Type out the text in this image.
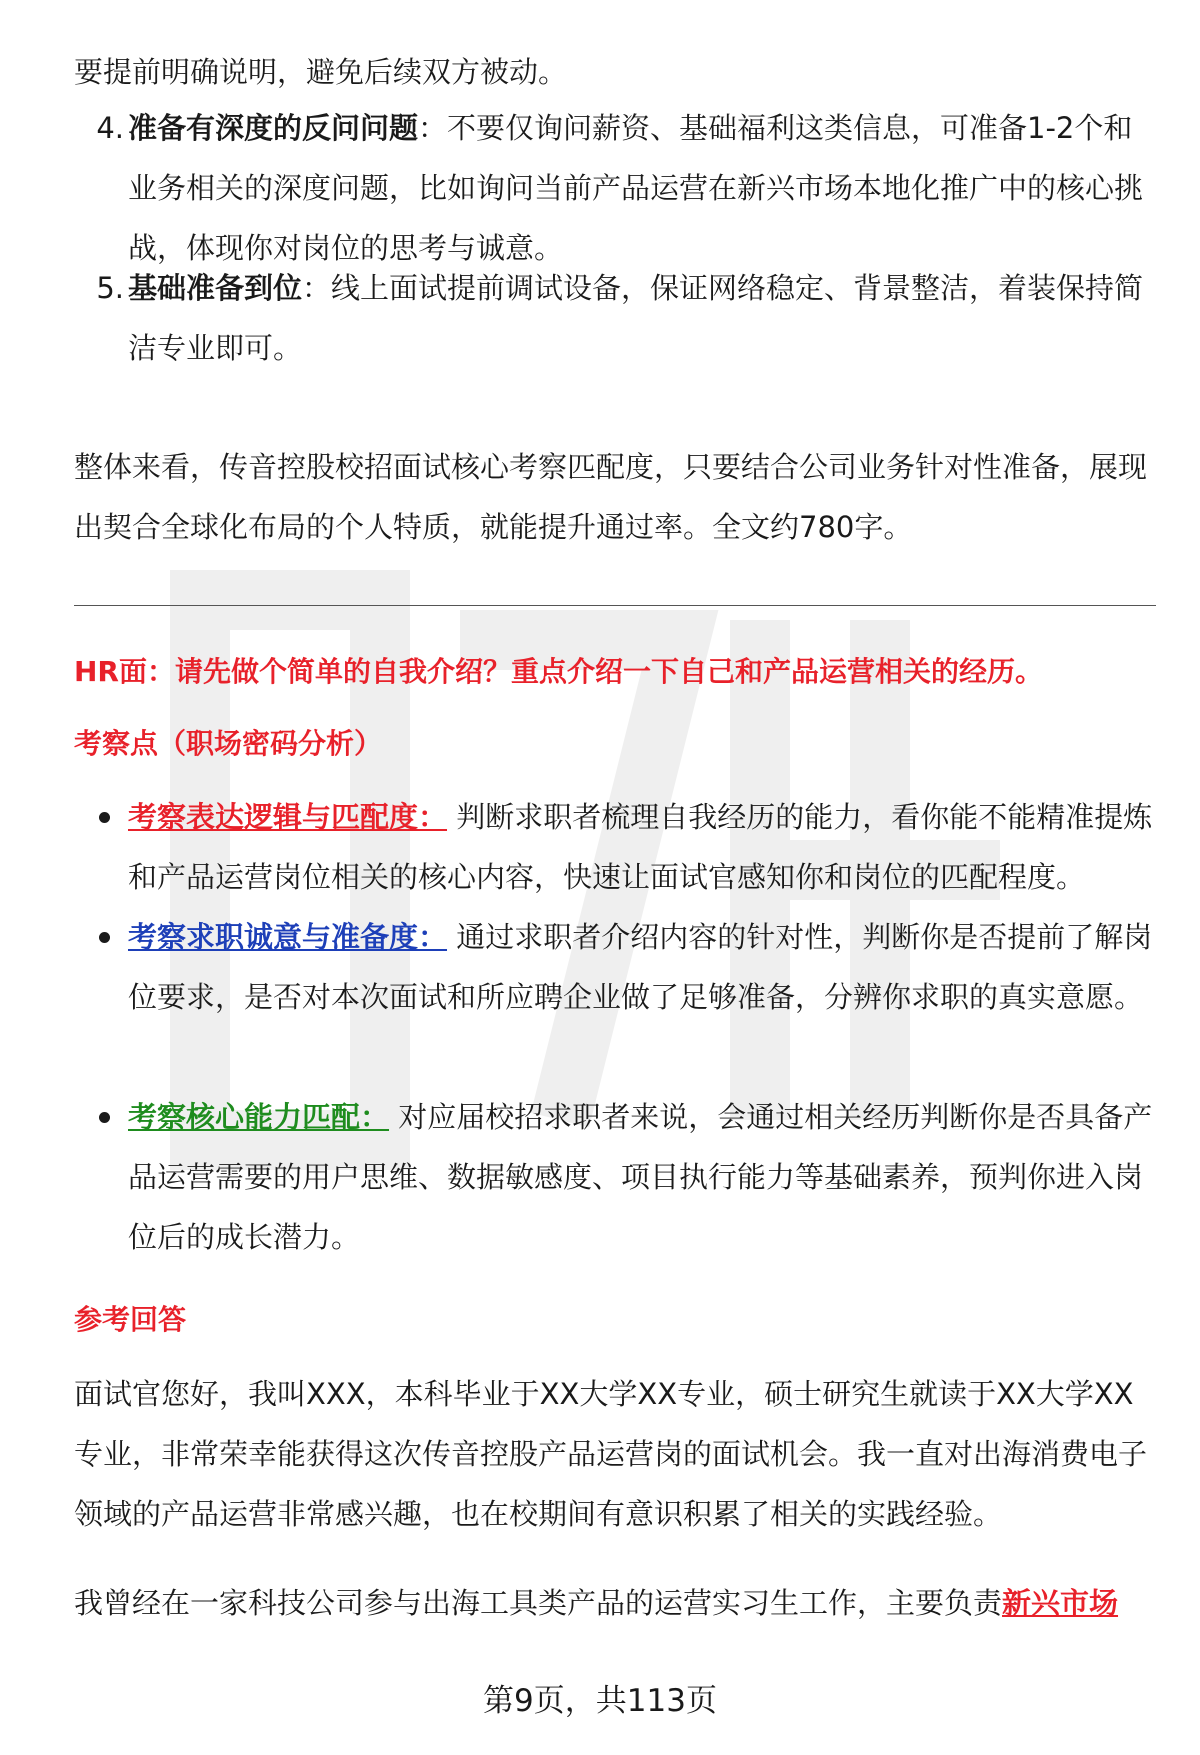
要提前明确说明，避免后续双方被动。
4. 准备有深度的反问问题：不要仅询问薪资、基础福利这类信息，可准备1-2个和业务相关的深度问题，比如询问当前产品运营在新兴市场本地化推广中的核心挑战，体现你对岗位的思考与诚意。
5. 基础准备到位：线上面试提前调试设备，保证网络稳定、背景整洁，着装保持简洁专业即可。
整体来看，传音控股校招面试核心考察匹配度，只要结合公司业务针对性准备，展现出契合全球化布局的个人特质，就能提升通过率。全文约780字。
HR面：请先做个简单的自我介绍？重点介绍一下自己和产品运营相关的经历。
考察点（职场密码分析）
考察表达逻辑与匹配度： 判断求职者梳理自我经历的能力，看你能不能精准提炼和产品运营岗位相关的核心内容，快速让面试官感知你和岗位的匹配程度。
考察求职诚意与准备度： 通过求职者介绍内容的针对性，判断你是否提前了解岗位要求，是否对本次面试和所应聘企业做了足够准备，分辨你求职的真实意愿。
考察核心能力匹配： 对应届校招求职者来说，会通过相关经历判断你是否具备产品运营需要的用户思维、数据敏感度、项目执行能力等基础素养，预判你进入岗位后的成长潜力。
参考回答
面试官您好，我叫XXX，本科毕业于XX大学XX专业，硕士研究生就读于XX大学XX专业，非常荣幸能获得这次传音控股产品运营岗的面试机会。我一直对出海消费电子领域的产品运营非常感兴趣，也在校期间有意识积累了相关的实践经验。
我曾经在一家科技公司参与出海工具类产品的运营实习生工作，主要负责新兴市场
第9页，共113页
